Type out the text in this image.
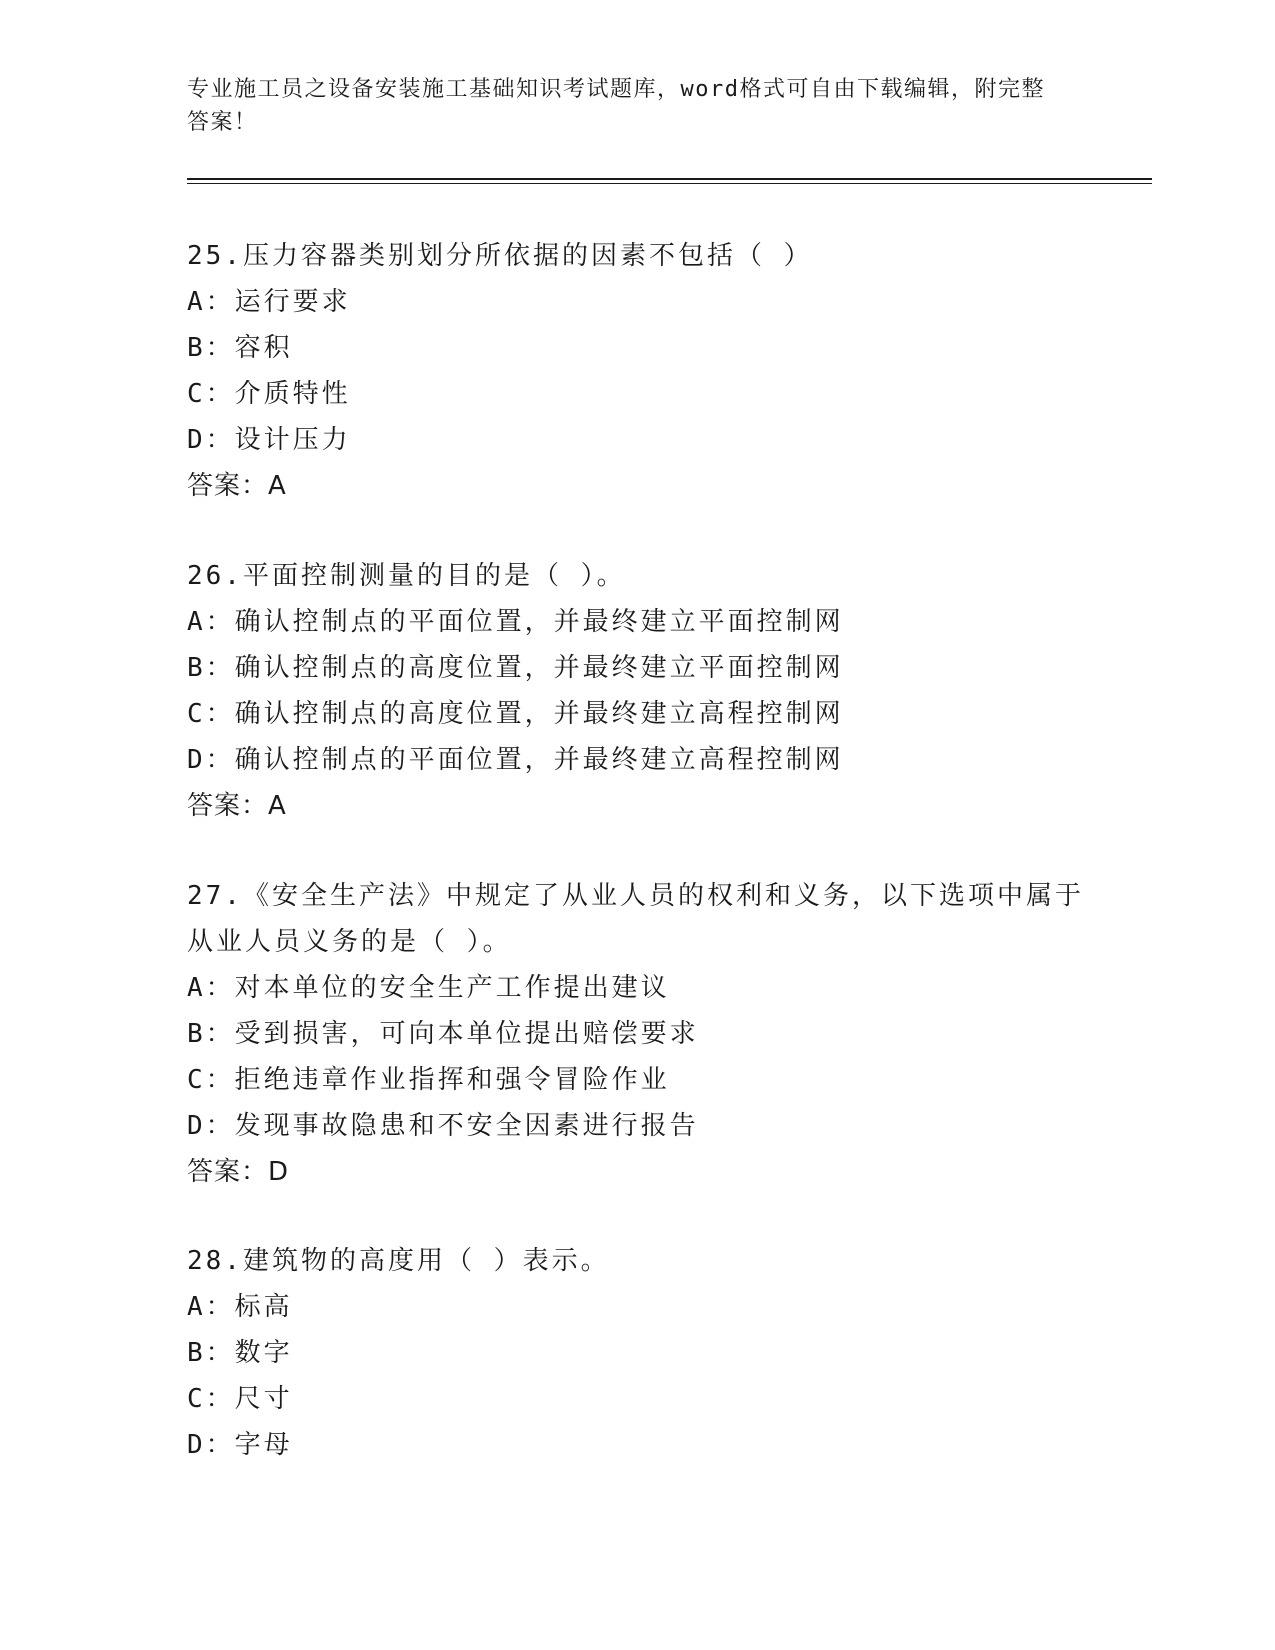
专业施工员之设备安装施工基础知识考试题库，word格式可自由下载编辑，附完整答案！
25.压力容器类别划分所依据的因素不包括（ ）
A：运行要求
B：容积
C：介质特性
D：设计压力
答案：A
26.平面控制测量的目的是（ ）。
A：确认控制点的平面位置，并最终建立平面控制网
B：确认控制点的高度位置，并最终建立平面控制网
C：确认控制点的高度位置，并最终建立高程控制网
D：确认控制点的平面位置，并最终建立高程控制网
答案：A
27.《安全生产法》中规定了从业人员的权利和义务，以下选项中属于从业人员义务的是（ ）。
A：对本单位的安全生产工作提出建议
B：受到损害，可向本单位提出赔偿要求
C：拒绝违章作业指挥和强令冒险作业
D：发现事故隐患和不安全因素进行报告
答案：D
28.建筑物的高度用（ ）表示。
A：标高
B：数字
C：尺寸
D：字母
